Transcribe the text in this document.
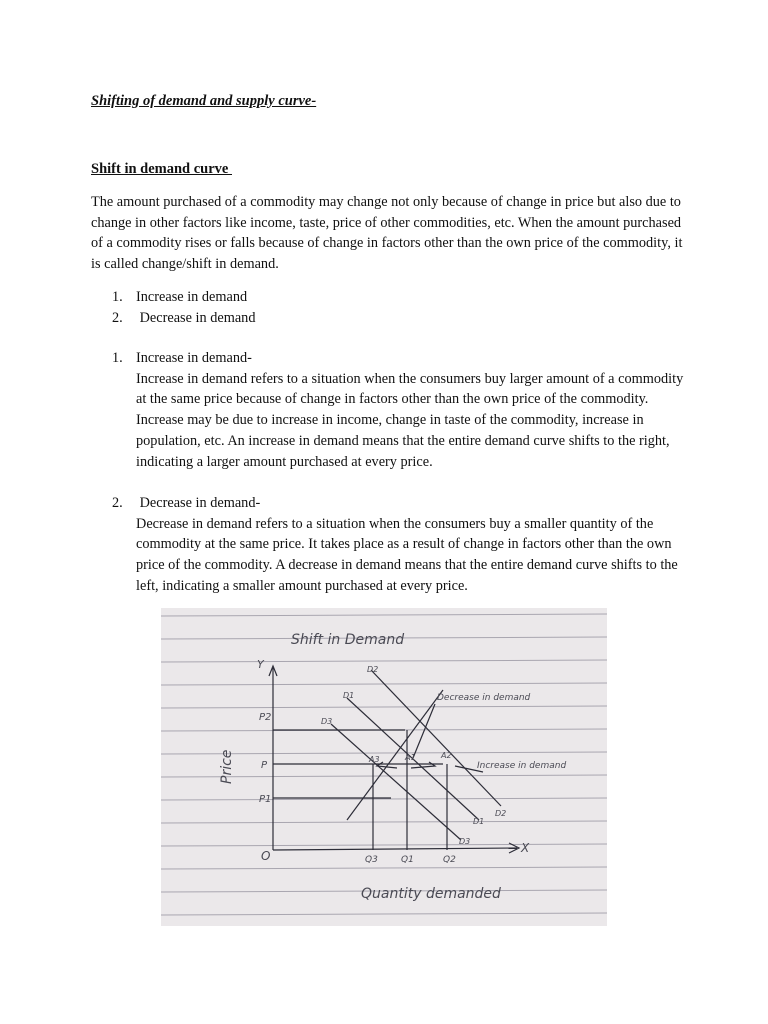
Shifting of demand and supply curve-
Shift in demand curve
The amount purchased of a commodity may change not only because of change in price but also due to change in other factors like income, taste, price of other commodities, etc. When the amount purchased of a commodity rises or falls because of change in factors other than the own price of the commodity, it is called change/shift in demand.
1. Increase in demand
2. Decrease in demand
1. Increase in demand-
Increase in demand refers to a situation when the consumers buy larger amount of a commodity at the same price because of change in factors other than the own price of the commodity. Increase may be due to increase in income, change in taste of the commodity, increase in population, etc. An increase in demand means that the entire demand curve shifts to the right, indicating a larger amount purchased at every price.
2. Decrease in demand-
Decrease in demand refers to a situation when the consumers buy a smaller quantity of the commodity at the same price. It takes place as a result of change in factors other than the own price of the commodity. A decrease in demand means that the entire demand curve shifts to the left, indicating a smaller amount purchased at every price.
Shift in Demand
Y
X
O
Price
Quantity demanded
P2
P
P1
Q3	Q1	Q2
D2
D1
D3
D2
D1
D3
A3	A1	A2
Decrease in demand
Increase in demand
